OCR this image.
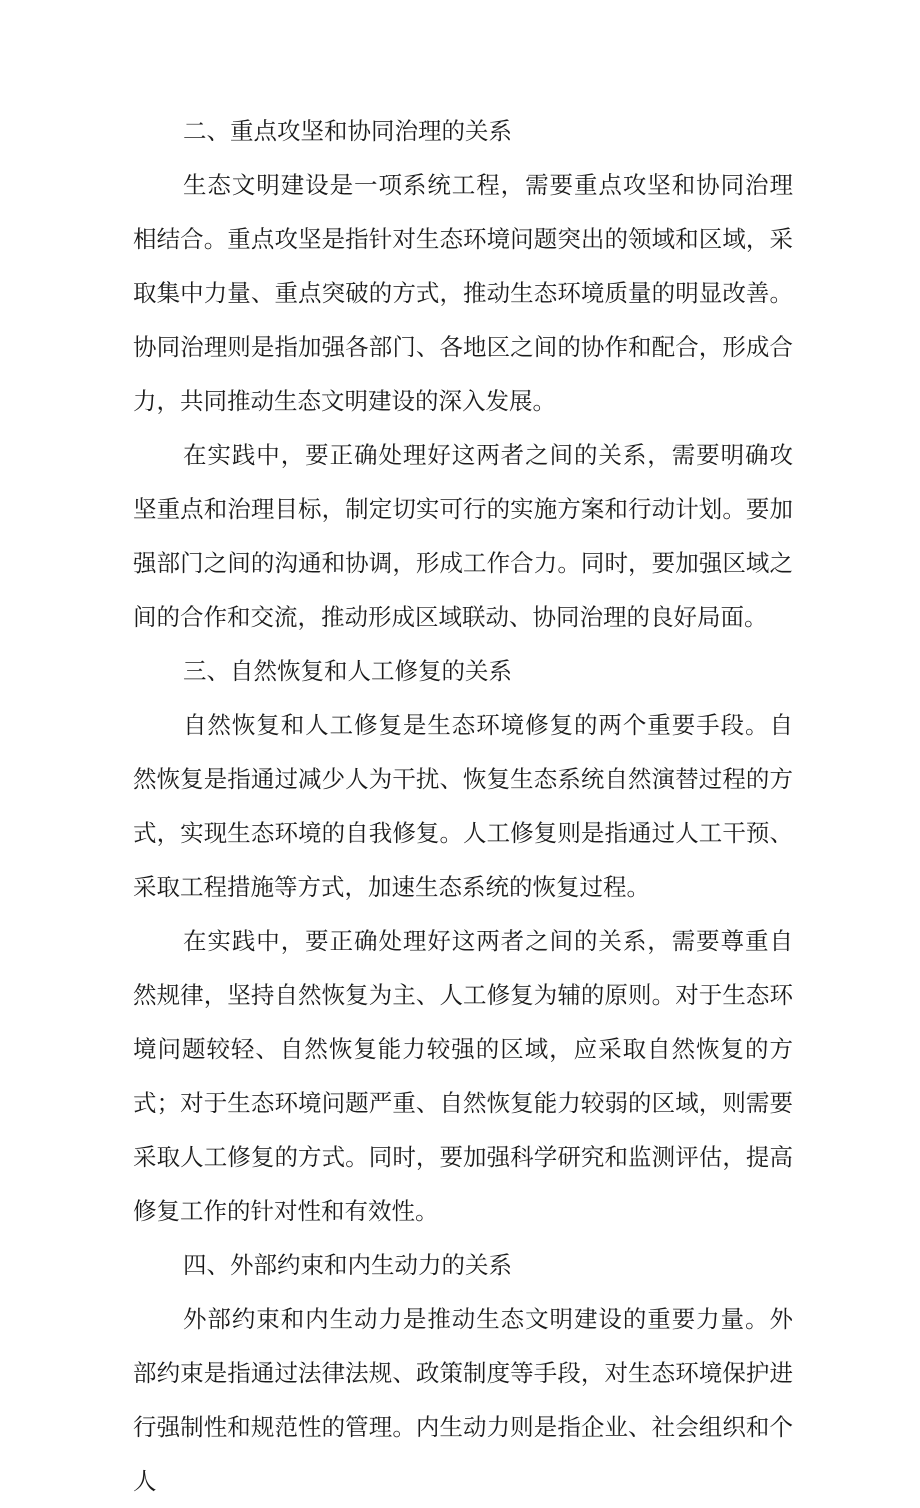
二、重点攻坚和协同治理的关系

生态文明建设是一项系统工程，需要重点攻坚和协同治理相结合。重点攻坚是指针对生态环境问题突出的领域和区域，采取集中力量、重点突破的方式，推动生态环境质量的明显改善。协同治理则是指加强各部门、各地区之间的协作和配合，形成合力，共同推动生态文明建设的深入发展。

在实践中，要正确处理好这两者之间的关系，需要明确攻坚重点和治理目标，制定切实可行的实施方案和行动计划。要加强部门之间的沟通和协调，形成工作合力。同时，要加强区域之间的合作和交流，推动形成区域联动、协同治理的良好局面。

三、自然恢复和人工修复的关系

自然恢复和人工修复是生态环境修复的两个重要手段。自然恢复是指通过减少人为干扰、恢复生态系统自然演替过程的方式，实现生态环境的自我修复。人工修复则是指通过人工干预、采取工程措施等方式，加速生态系统的恢复过程。

在实践中，要正确处理好这两者之间的关系，需要尊重自然规律，坚持自然恢复为主、人工修复为辅的原则。对于生态环境问题较轻、自然恢复能力较强的区域，应采取自然恢复的方式；对于生态环境问题严重、自然恢复能力较弱的区域，则需要采取人工修复的方式。同时，要加强科学研究和监测评估，提高修复工作的针对性和有效性。

四、外部约束和内生动力的关系

外部约束和内生动力是推动生态文明建设的重要力量。外部约束是指通过法律法规、政策制度等手段，对生态环境保护进行强制性和规范性的管理。内生动力则是指企业、社会组织和个人
